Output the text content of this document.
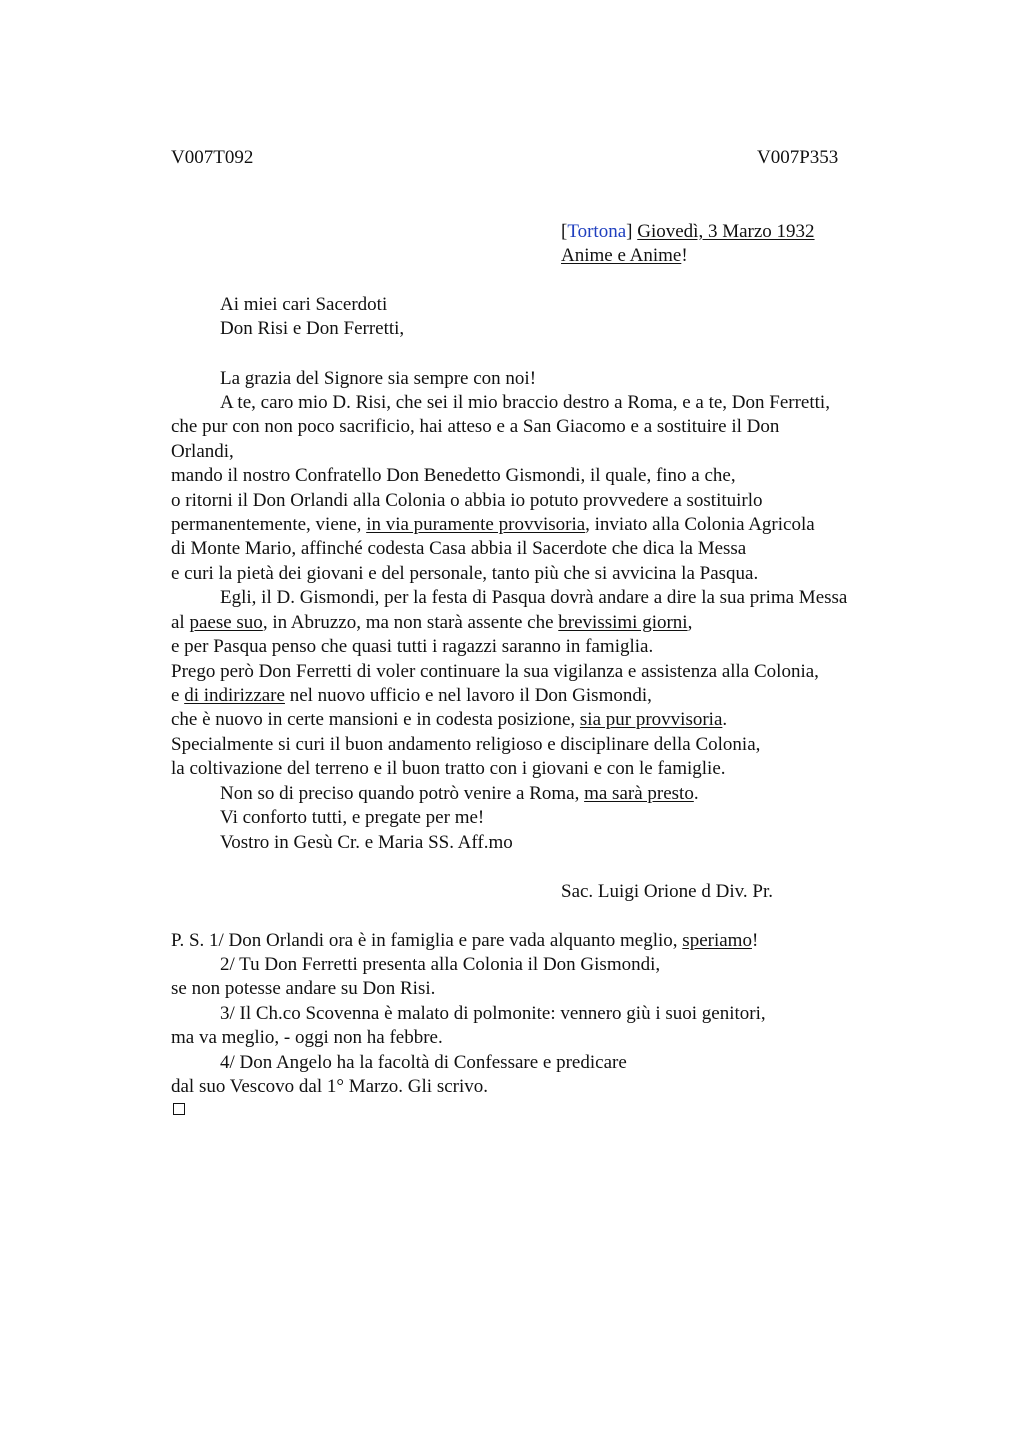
V007T092	V007P353
[Tortona] Giovedì, 3 Marzo 1932
Anime e Anime!
Ai miei cari Sacerdoti
Don Risi e Don Ferretti,
La grazia del Signore sia sempre con noi!
A te, caro mio D. Risi, che sei il mio braccio destro a Roma, e a te, Don Ferretti,
che pur con non poco sacrificio, hai atteso e a San Giacomo e a sostituire il Don
Orlandi,
mando il nostro Confratello Don Benedetto Gismondi, il quale, fino a che,
o ritorni il Don Orlandi alla Colonia o abbia io potuto provvedere a sostituirlo
permanentemente, viene, in via puramente provvisoria, inviato alla Colonia Agricola
di Monte Mario, affinché codesta Casa abbia il Sacerdote che dica la Messa
e curi la pietà dei giovani e del personale, tanto più che si avvicina la Pasqua.
Egli, il D. Gismondi, per la festa di Pasqua dovrà andare a dire la sua prima Messa
al paese suo, in Abruzzo, ma non starà assente che brevissimi giorni,
e per Pasqua penso che quasi tutti i ragazzi saranno in famiglia.
Prego però Don Ferretti di voler continuare la sua vigilanza e assistenza alla Colonia,
e di indirizzare nel nuovo ufficio e nel lavoro il Don Gismondi,
che è nuovo in certe mansioni e in codesta posizione, sia pur provvisoria.
Specialmente si curi il buon andamento religioso e disciplinare della Colonia,
la coltivazione del terreno e il buon tratto con i giovani e con le famiglie.
Non so di preciso quando potrò venire a Roma, ma sarà presto.
Vi conforto tutti, e pregate per me!
Vostro in Gesù Cr. e Maria SS. Aff.mo
Sac. Luigi Orione d Div. Pr.
P. S. 1/ Don Orlandi ora è in famiglia e pare vada alquanto meglio, speriamo!
2/ Tu Don Ferretti presenta alla Colonia il Don Gismondi,
se non potesse andare su Don Risi.
3/ Il Ch.co Scovenna è malato di polmonite: vennero giù i suoi genitori,
ma va meglio, - oggi non ha febbre.
4/ Don Angelo ha la facoltà di Confessare e predicare
dal suo Vescovo dal 1° Marzo. Gli scrivo.
